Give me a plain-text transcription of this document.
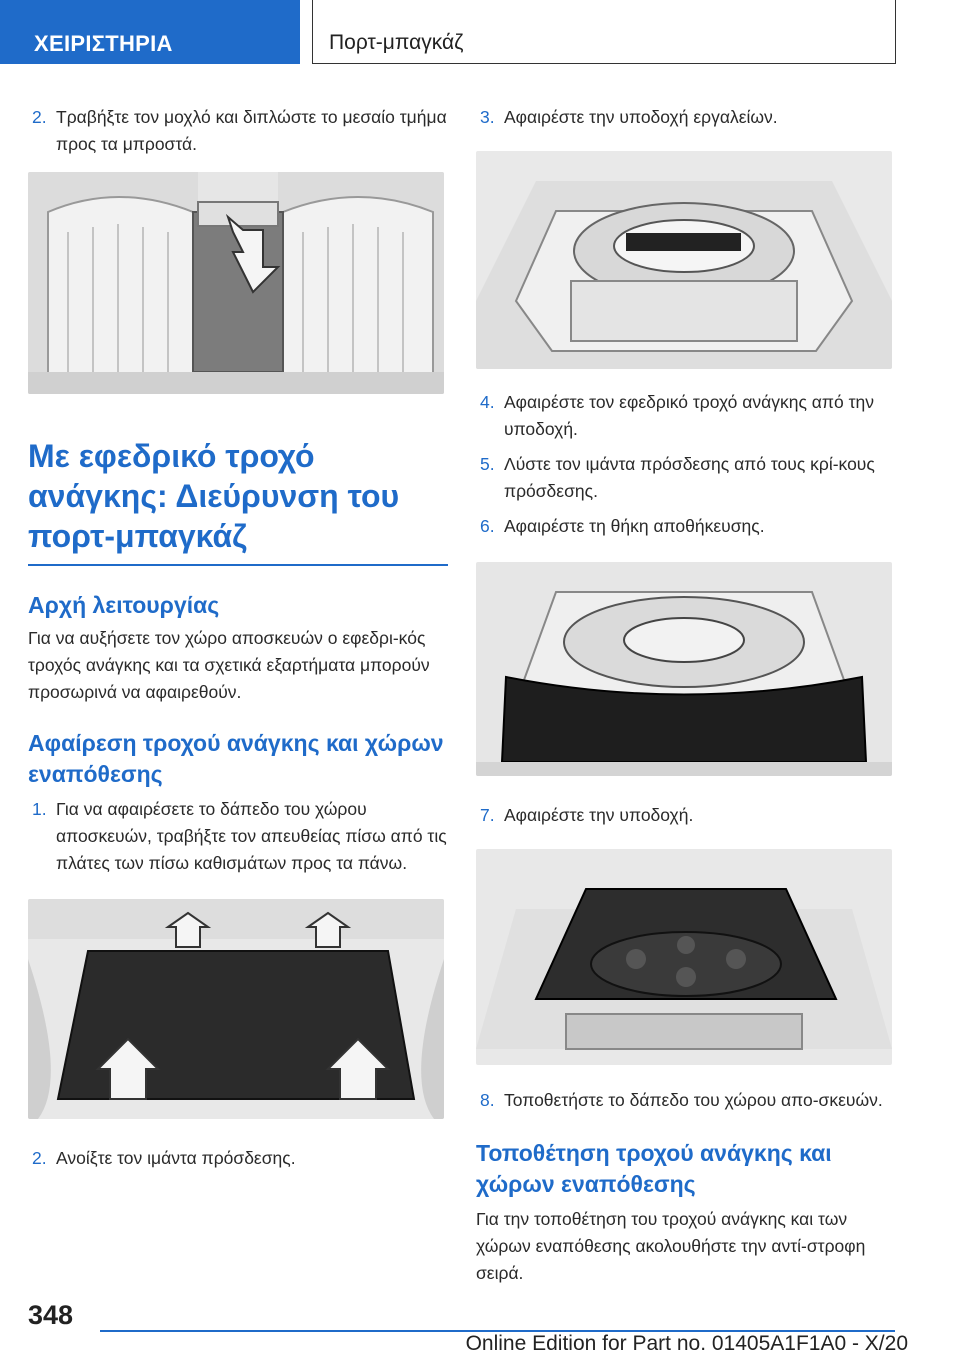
ΧΕΙΡΙΣΤΗΡΙΑ	Πορτ-μπαγκάζ
2. Τραβήξτε τον μοχλό και διπλώστε το μεσαίο τμήμα προς τα μπροστά.
Με εφεδρικό τροχό ανάγκης: Διεύρυνση του πορτ-μπαγκάζ
Αρχή λειτουργίας
Για να αυξήσετε τον χώρο αποσκευών ο εφεδρι-κός τροχός ανάγκης και τα σχετικά εξαρτήματα μπορούν προσωρινά να αφαιρεθούν.
Αφαίρεση τροχού ανάγκης και χώρων εναπόθεσης
1. Για να αφαιρέσετε το δάπεδο του χώρου αποσκευών, τραβήξτε τον απευθείας πίσω από τις πλάτες των πίσω καθισμάτων προς τα πάνω.
2. Ανοίξτε τον ιμάντα πρόσδεσης.
3. Αφαιρέστε την υποδοχή εργαλείων.
4. Αφαιρέστε τον εφεδρικό τροχό ανάγκης από την υποδοχή.
5. Λύστε τον ιμάντα πρόσδεσης από τους κρί-κους πρόσδεσης.
6. Αφαιρέστε τη θήκη αποθήκευσης.
7. Αφαιρέστε την υποδοχή.
8. Τοποθετήστε το δάπεδο του χώρου απο-σκευών.
Τοποθέτηση τροχού ανάγκης και χώρων εναπόθεσης
Για την τοποθέτηση του τροχού ανάγκης και των χώρων εναπόθεσης ακολουθήστε την αντί-στροφη σειρά.
348
Online Edition for Part no. 01405A1F1A0 - X/20
